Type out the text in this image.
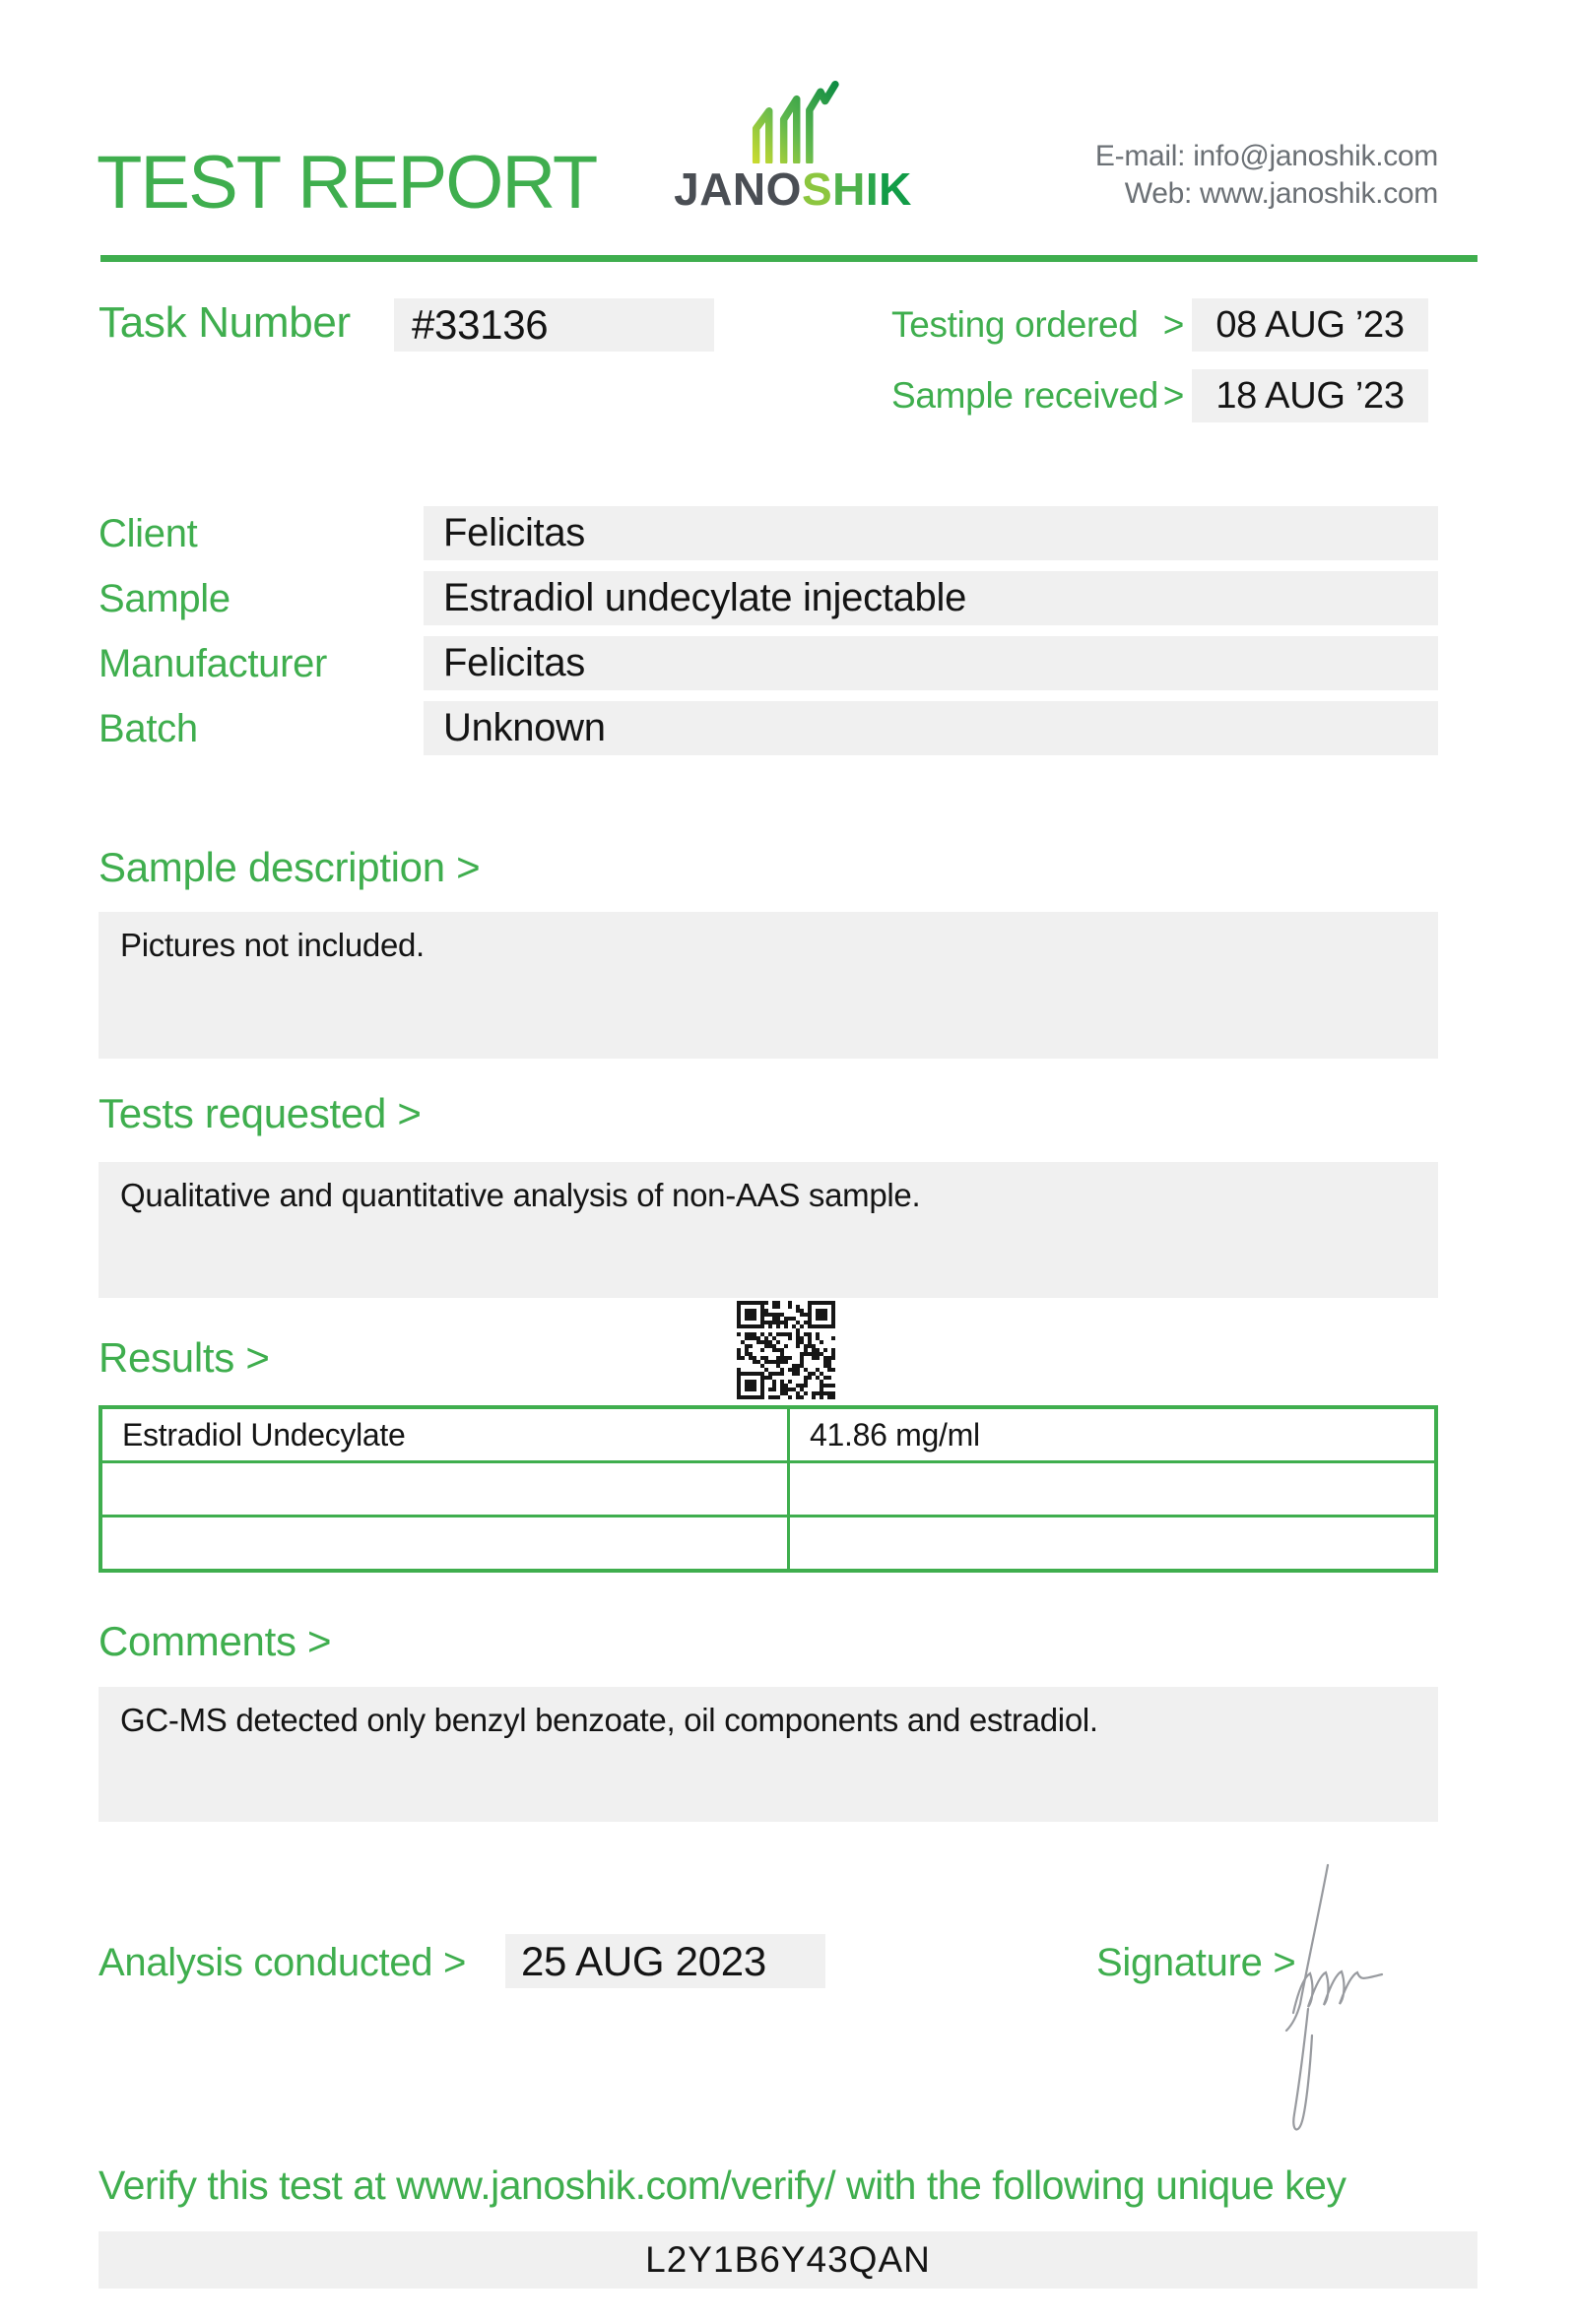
TEST REPORT JANOSHIK
E-mail: info@janoshik.com
Web: www.janoshik.com
Task Number	#33136	Testing ordered > 08 AUG ’23
Sample received > 18 AUG ’23
Client	Felicitas
Sample	Estradiol undecylate injectable
Manufacturer	Felicitas
Batch	Unknown
Sample description >
Pictures not included.
Tests requested >
Qualitative and quantitative analysis of non-AAS sample.
Results >
Estradiol Undecylate	41.86 mg/ml
Comments >
GC-MS detected only benzyl benzoate, oil components and estradiol.
Analysis conducted >	25 AUG 2023	Signature >
Verify this test at www.janoshik.com/verify/ with the following unique key
L2Y1B6Y43QAN
